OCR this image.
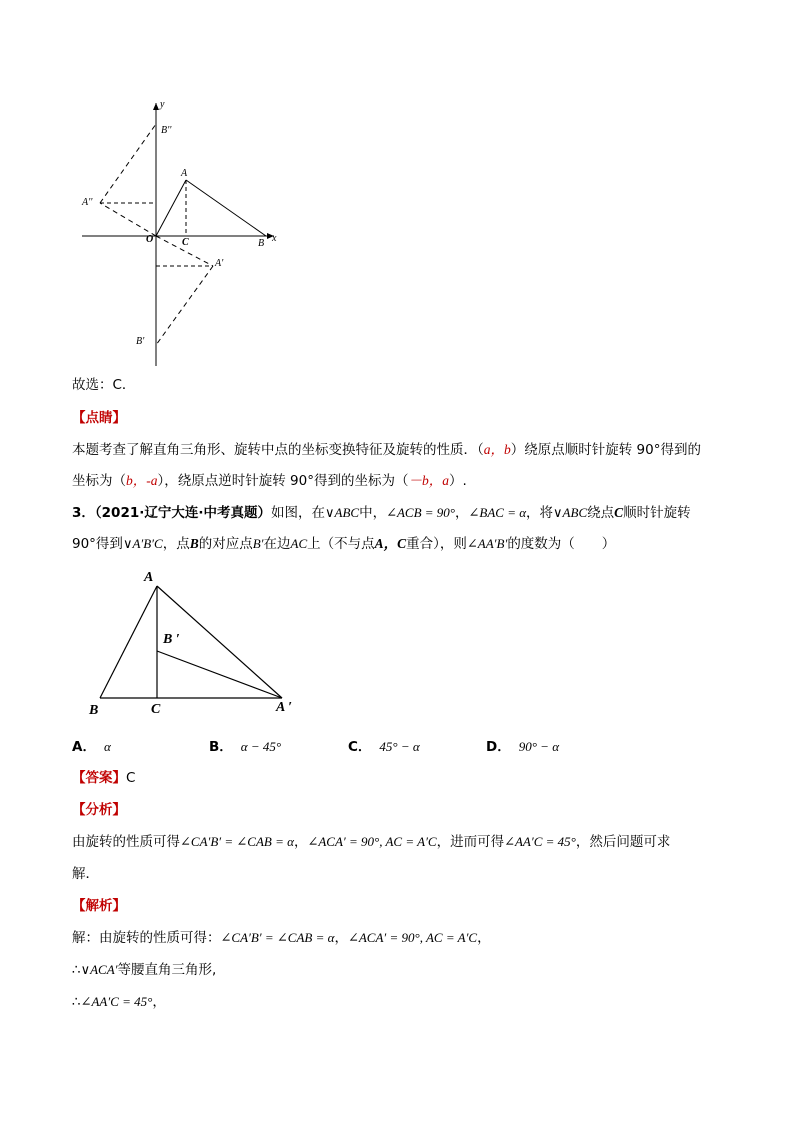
y
x
B''
A''
A
O	C	B
A'
B'
故选：C．
【点睛】
本题考查了解直角三角形、旋转中点的坐标变换特征及旋转的性质．（a，b）绕原点顺时针旋转 90°得到的
坐标为（b，-a），绕原点逆时针旋转 90°得到的坐标为（－b，a）.
3．（2021·辽宁大连·中考真题）如图，在∨ABC中，∠ACB = 90°，∠BAC = α，将∨ABC绕点C顺时针旋转
90°得到∨A′B′C，点B的对应点B′在边AC上（不与点A，C重合），则∠AA′B′的度数为（　　）
A
B ′
B	C	A ′
A． α	B． α − 45°	C． 45° − α	D． 90° − α
【答案】C
【分析】
由旋转的性质可得∠CA′B′ = ∠CAB = α，∠ACA′ = 90°, AC = A′C，进而可得∠AA′C = 45°，然后问题可求
解．
【解析】
解：由旋转的性质可得：∠CA′B′ = ∠CAB = α，∠ACA′ = 90°, AC = A′C，
∴∨ACA′等腰直角三角形,
∴∠AA′C = 45°，
